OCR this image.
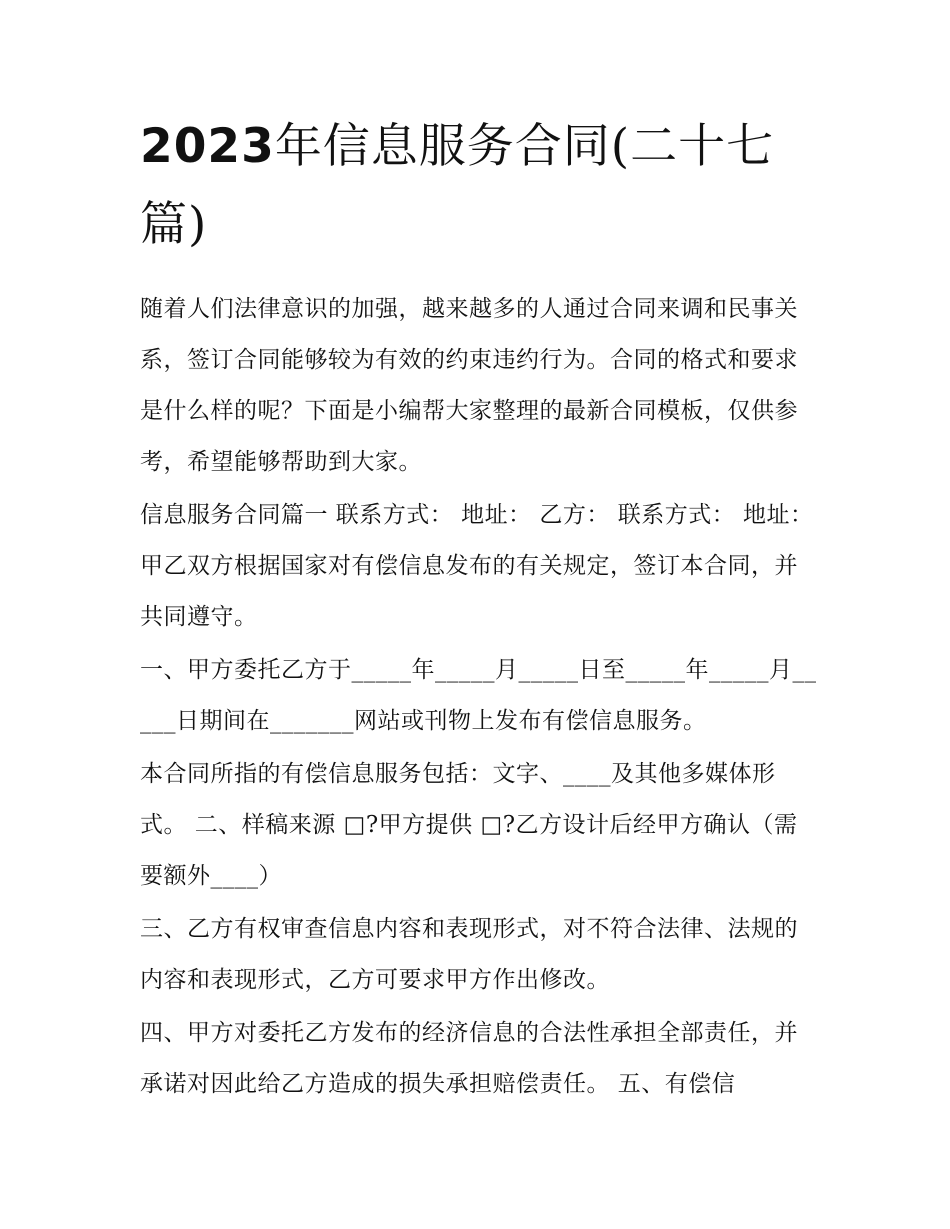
2023年信息服务合同(二十七篇)

随着人们法律意识的加强，越来越多的人通过合同来调和民事关系，签订合同能够较为有效的约束违约行为。合同的格式和要求是什么样的呢？下面是小编帮大家整理的最新合同模板，仅供参考，希望能够帮助到大家。

信息服务合同篇一 联系方式： 地址： 乙方： 联系方式： 地址： 甲乙双方根据国家对有偿信息发布的有关规定，签订本合同，并共同遵守。

一、甲方委托乙方于_____年_____月_____日至_____年_____月_____日期间在_______网站或刊物上发布有偿信息服务。

本合同所指的有偿信息服务包括：文字、____及其他多媒体形式。 二、样稿来源 □?甲方提供 □?乙方设计后经甲方确认（需要额外____）

三、乙方有权审查信息内容和表现形式，对不符合法律、法规的内容和表现形式，乙方可要求甲方作出修改。

四、甲方对委托乙方发布的经济信息的合法性承担全部责任，并承诺对因此给乙方造成的损失承担赔偿责任。 五、有偿信
